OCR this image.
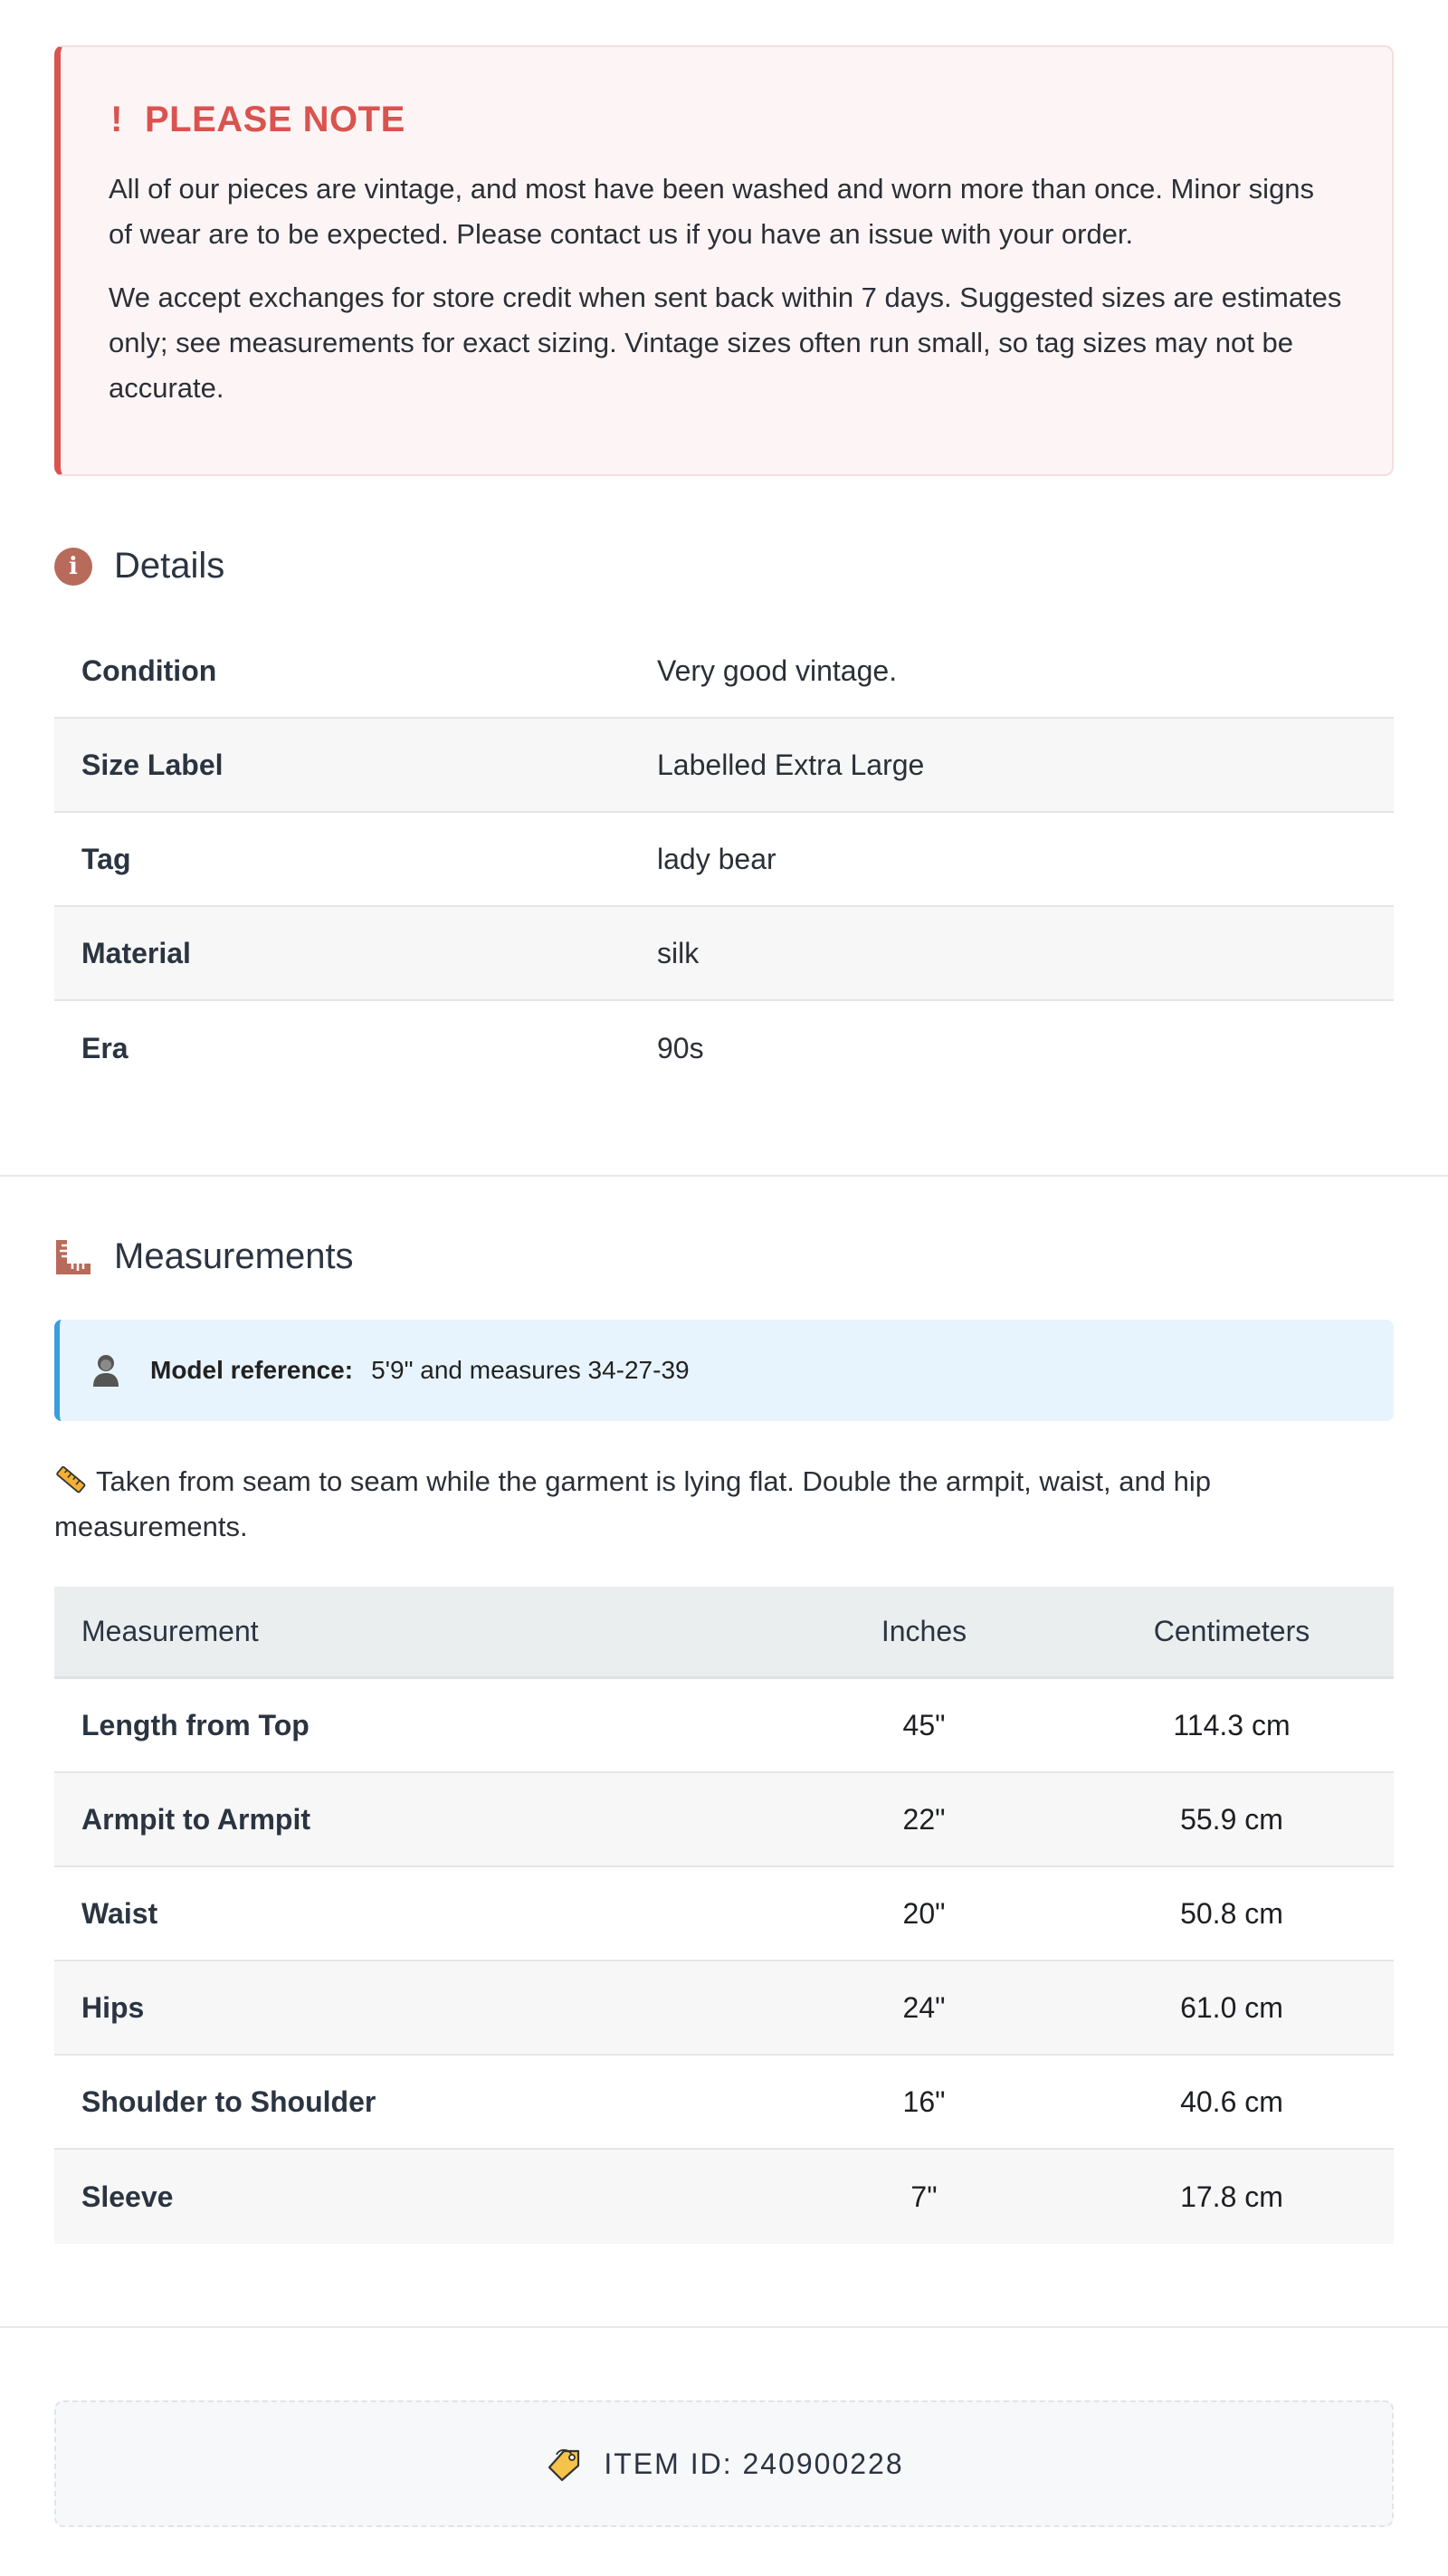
! PLEASE NOTE

All of our pieces are vintage, and most have been washed and worn more than once. Minor signs of wear are to be expected. Please contact us if you have an issue with your order.

We accept exchanges for store credit when sent back within 7 days. Suggested sizes are estimates only; see measurements for exact sizing. Vintage sizes often run small, so tag sizes may not be accurate.

i	Details
Condition	Very good vintage.
Size Label	Labelled Extra Large
Tag	lady bear
Material	silk
Era	90s
Measurements
Model reference: 5'9" and measures 34-27-39
Taken from seam to seam while the garment is lying flat. Double the armpit, waist, and hip measurements.
Measurement	Inches	Centimeters
Length from Top	45"	114.3 cm
Armpit to Armpit	22"	55.9 cm
Waist	20"	50.8 cm
Hips	24"	61.0 cm
Shoulder to Shoulder	16"	40.6 cm
Sleeve	7"	17.8 cm
ITEM ID: 240900228
